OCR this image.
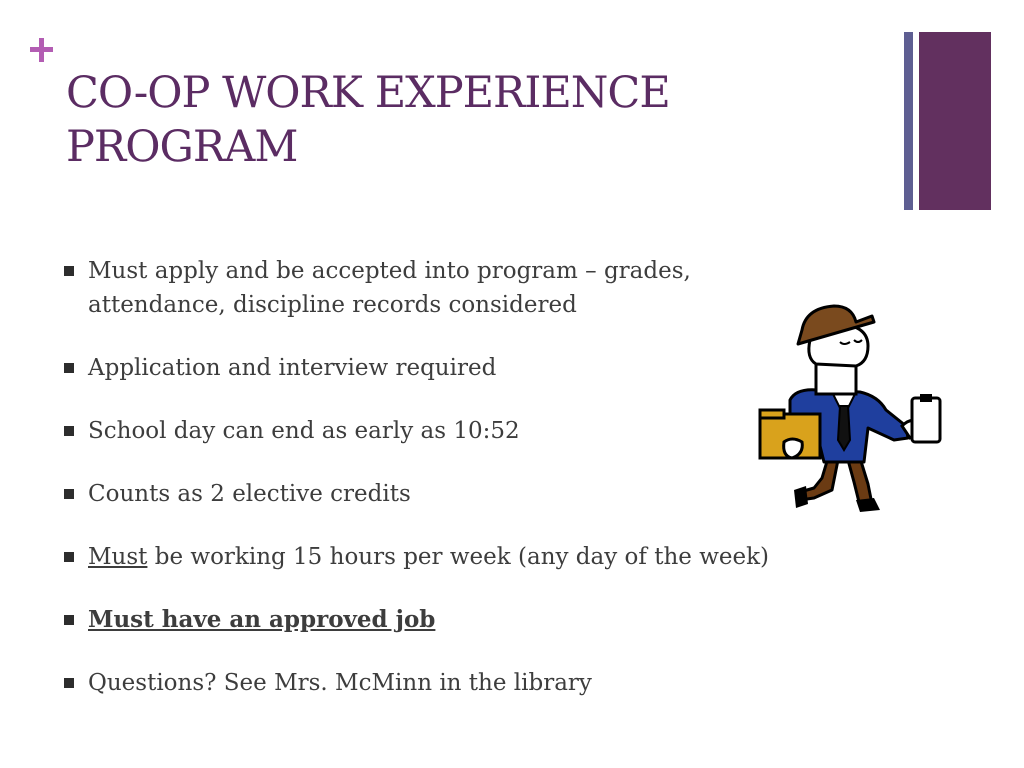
CO-OP WORK EXPERIENCE
PROGRAM
Must apply and be accepted into program – grades,
attendance, discipline records considered
Application and interview required
School day can end as early as 10:52
Counts as 2 elective credits
Must be working 15 hours per week (any day of the week)
Must have an approved job
Questions? See Mrs. McMinn in the library
